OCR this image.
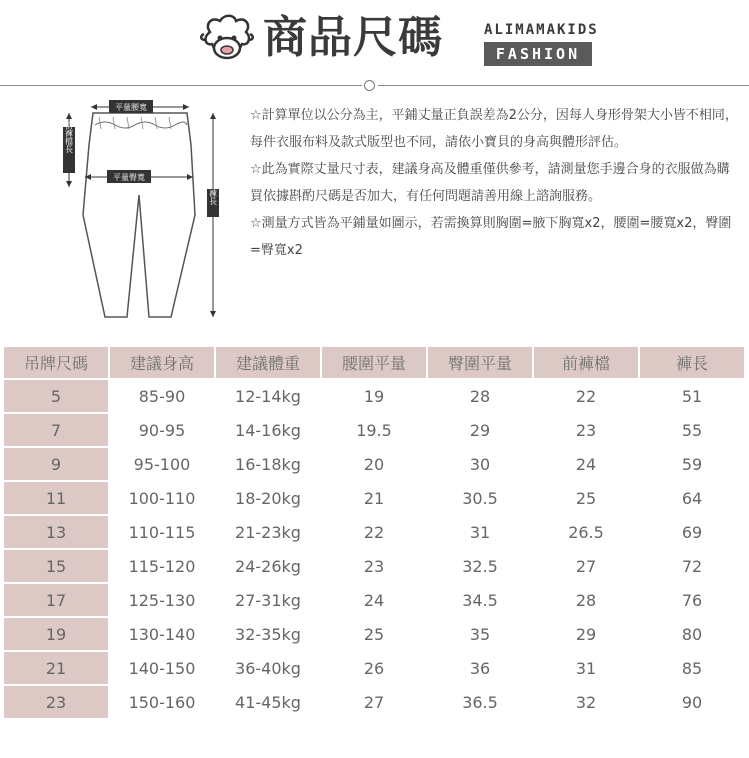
商品尺碼	ALIMAMAKIDS
FASHION
平量腰寬
平量臀寬
前褲檔長
褲長

☆計算單位以公分為主，平鋪丈量正負誤差為2公分，因每人身形骨架大小皆不相同，每件衣服布料及款式版型也不同，請依小寶貝的身高與體形評估。

☆此為實際丈量尺寸表，建議身高及體重僅供參考，請測量您手邊合身的衣服做為購買依據斟酌尺碼是否加大，有任何問題請善用線上諮詢服務。

☆測量方式皆為平鋪量如圖示，若需換算則胸圍=腋下胸寬x2，腰圍=腰寬x2，臀圍=臀寬x2

吊牌尺碼	建議身高	建議體重	腰圍平量	臀圍平量	前褲檔	褲長
5	85-90	12-14kg	19	28	22	51
7	90-95	14-16kg	19.5	29	23	55
9	95-100	16-18kg	20	30	24	59
11	100-110	18-20kg	21	30.5	25	64
13	110-115	21-23kg	22	31	26.5	69
15	115-120	24-26kg	23	32.5	27	72
17	125-130	27-31kg	24	34.5	28	76
19	130-140	32-35kg	25	35	29	80
21	140-150	36-40kg	26	36	31	85
23	150-160	41-45kg	27	36.5	32	90
